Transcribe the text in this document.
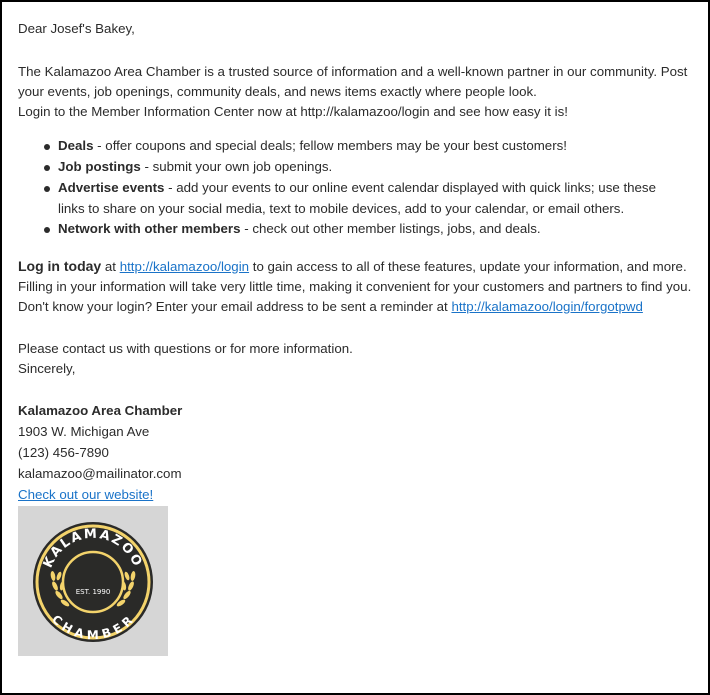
Dear Josef's Bakey,
The Kalamazoo Area Chamber is a trusted source of information and a well-known partner in our community. Post
your events, job openings, community deals, and news items exactly where people look.
Login to the Member Information Center now at http://kalamazoo/login and see how easy it is!
Deals - offer coupons and special deals; fellow members may be your best customers!
Job postings - submit your own job openings.
Advertise events - add your events to our online event calendar displayed with quick links; use these
links to share on your social media, text to mobile devices, add to your calendar, or email others.
Network with other members - check out other member listings, jobs, and deals.
Log in today at http://kalamazoo/login to gain access to all of these features, update your information, and more.
Filling in your information will take very little time, making it convenient for your customers and partners to find you.
Don't know your login? Enter your email address to be sent a reminder at http://kalamazoo/login/forgotpwd
Please contact us with questions or for more information.
Sincerely,
Kalamazoo Area Chamber
1903 W. Michigan Ave
(123) 456-7890
kalamazoo@mailinator.com
Check out our website!
KALAMAZOO
CHAMBER
EST. 1990
